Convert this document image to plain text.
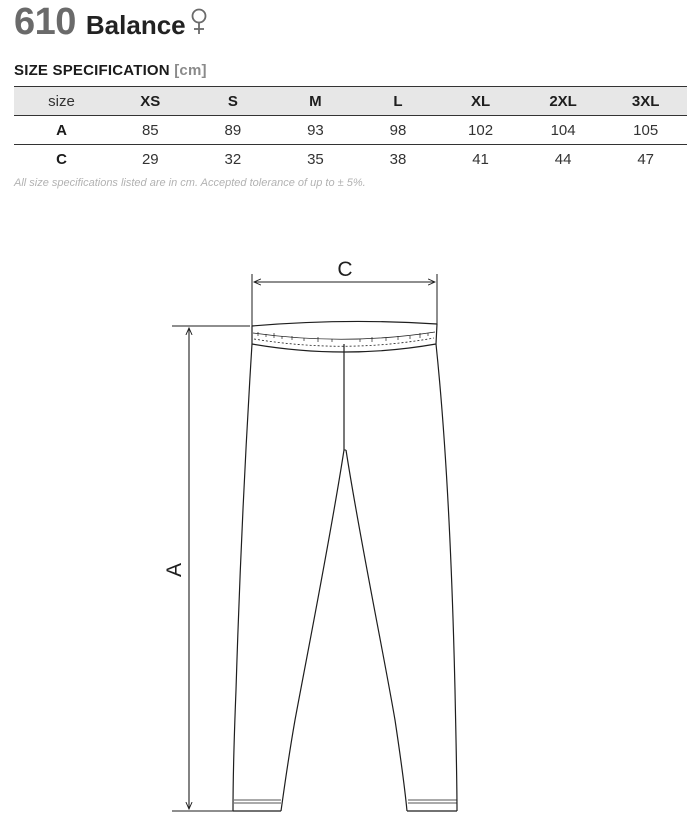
610 Balance
SIZE SPECIFICATION [cm]
size	XS	S	M	L	XL	2XL	3XL
A	85	89	93	98	102	104	105
C	29	32	35	38	41	44	47
All size specifications listed are in cm. Accepted tolerance of up to ± 5%.
C
A
